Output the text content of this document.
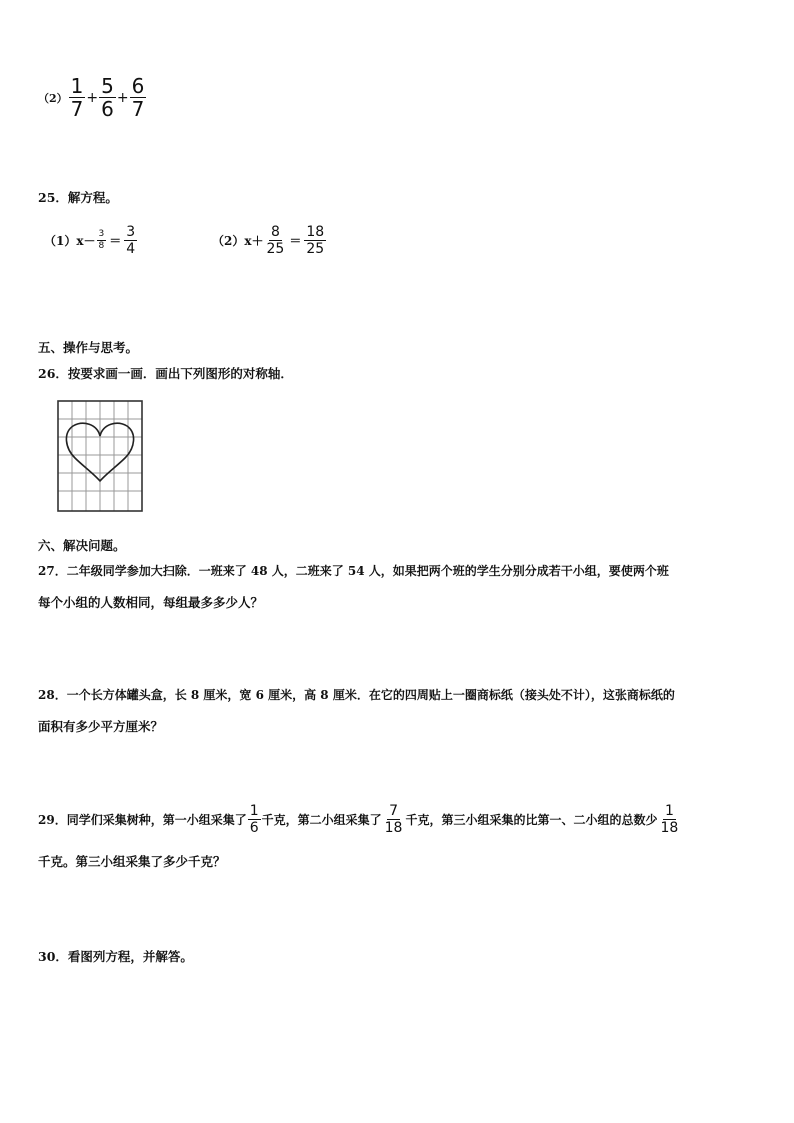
$(2) \frac{1}{7} + \frac{5}{6} + \frac{6}{7}$
25．解方程。
$(1)x- \frac{3}{8} = \frac{3}{4}$	$(2)x+ \frac{8}{25} = \frac{18}{25}$
五、操作与思考。
26．按要求画一画．画出下列图形的对称轴．
六、解决问题。
27．二年级同学参加大扫除．一班来了 48 人，二班来了 54 人，如果把两个班的学生分别分成若干小组，要使两个班
每个小组的人数相同，每组最多多少人？
28．一个长方体罐头盒，长 8 厘米，宽 6 厘米，高 8 厘米．在它的四周贴上一圈商标纸（接头处不计），这张商标纸的
面积有多少平方厘米？
29．同学们采集树种，第一小组采集了 $\frac{1}{6}$ 千克，第二小组采集了 $\frac{7}{18}$ 千克，第三小组采集的比第一、二小组的总数少 $\frac{1}{18}$
千克。第三小组采集了多少千克？
30．看图列方程，并解答。
